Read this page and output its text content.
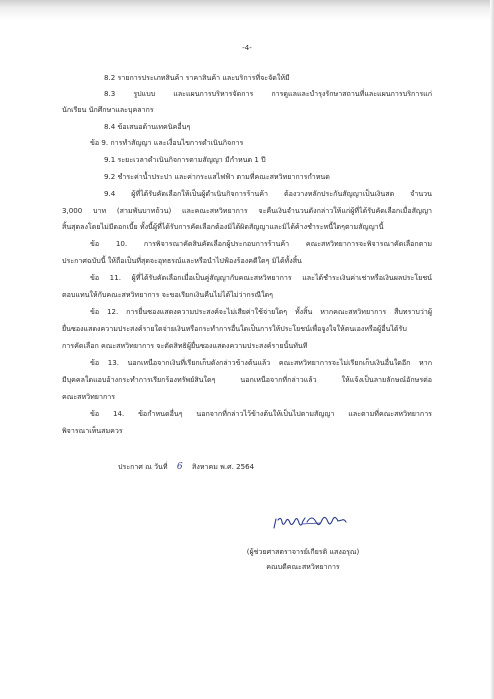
-4-
8.2 รายการประเภทสินค้า ราคาสินค้า และบริการที่จะจัดให้มี
8.3 รูปแบบ และแผนการบริหารจัดการ การดูแลและบำรุงรักษาสถานที่และแผนการบริการแก่
นักเรียน นักศึกษาและบุคลากร
8.4 ข้อเสนอด้านเทคนิคอื่นๆ
ข้อ 9. การทำสัญญา และเงื่อนไขการดำเนินกิจการ
9.1 ระยะเวลาดำเนินกิจการตามสัญญา มีกำหนด 1 ปี
9.2 ชำระค่าน้ำประปา และค่ากระแสไฟฟ้า ตามที่คณะสหวิทยาการกำหนด
9.4 ผู้ที่ได้รับคัดเลือกให้เป็นผู้ดำเนินกิจการร้านค้า ต้องวางหลักประกันสัญญาเป็นเงินสด จำนวน
3,000 บาท (สามพันบาทถ้วน) และคณะสหวิทยาการ จะคืนเงินจำนวนดังกล่าวให้แก่ผู้ที่ได้รับคัดเลือกเมื่อสัญญา
สิ้นสุดลงโดยไม่มีดอกเบี้ย ทั้งนี้ผู้ที่ได้รับการคัดเลือกต้องมิได้ผิดสัญญาและมิได้ค้างชำระหนี้ใดๆตามสัญญานี้
ข้อ 10. การพิจารณาคัดสินคัดเลือกผู้ประกอบการร้านค้า คณะสหวิทยาการจะพิจารณาคัดเลือกตาม
ประกาศฉบับนี้ ให้ถือเป็นที่สุดจะอุทธรณ์และหรือนำไปฟ้องร้องคดีใดๆ มิได้ทั้งสิ้น
ข้อ 11. ผู้ที่ได้รับคัดเลือกเมื่อเป็นคู่สัญญากับคณะสหวิทยาการ และได้ชำระเงินค่าเช่าหรือเงินผลประโยชน์
ตอบแทนให้กับคณะสหวิทยาการ จะขอเรียกเงินคืนไม่ได้ไม่ว่ากรณีใดๆ
ข้อ 12. การยื่นซองแสดงความประสงค์จะไม่เสียค่าใช้จ่ายใดๆ ทั้งสิ้น หากคณะสหวิทยาการ สืบทราบว่าผู้
ยื่นซองแสดงความประสงค์รายใดจ่ายเงินหรือกระทำการอื่นใดเป็นการให้ประโยชน์เพื่อจูงใจให้ตนเองหรือผู้อื่นได้รับ
การคัดเลือก คณะสหวิทยาการ จะตัดสิทธิผู้ยื่นซองแสดงความประสงค์รายนั้นทันที
ข้อ 13. นอกเหนือจากเงินที่เรียกเก็บดังกล่าวข้างต้นแล้ว คณะสหวิทยาการจะไม่เรียกเก็บเงินอื่นใดอีก หาก
มีบุคคลใดแอบอ้างกระทำการเรียกร้องทรัพย์สินใดๆ นอกเหนือจากที่กล่าวแล้ว ให้แจ้งเป็นลายลักษณ์อักษรต่อ
คณะสหวิทยาการ
ข้อ 14. ข้อกำหนดอื่นๆ นอกจากที่กล่าวไว้ข้างต้นให้เป็นไปตามสัญญา และตามที่คณะสหวิทยาการ
พิจารณาเห็นสมควร
ประกาศ ณ วันที่ 6 สิงหาคม พ.ศ. 2564
(ผู้ช่วยศาสตราจารย์เกียรติ แสงอรุณ)
คณบดีคณะสหวิทยาการ
